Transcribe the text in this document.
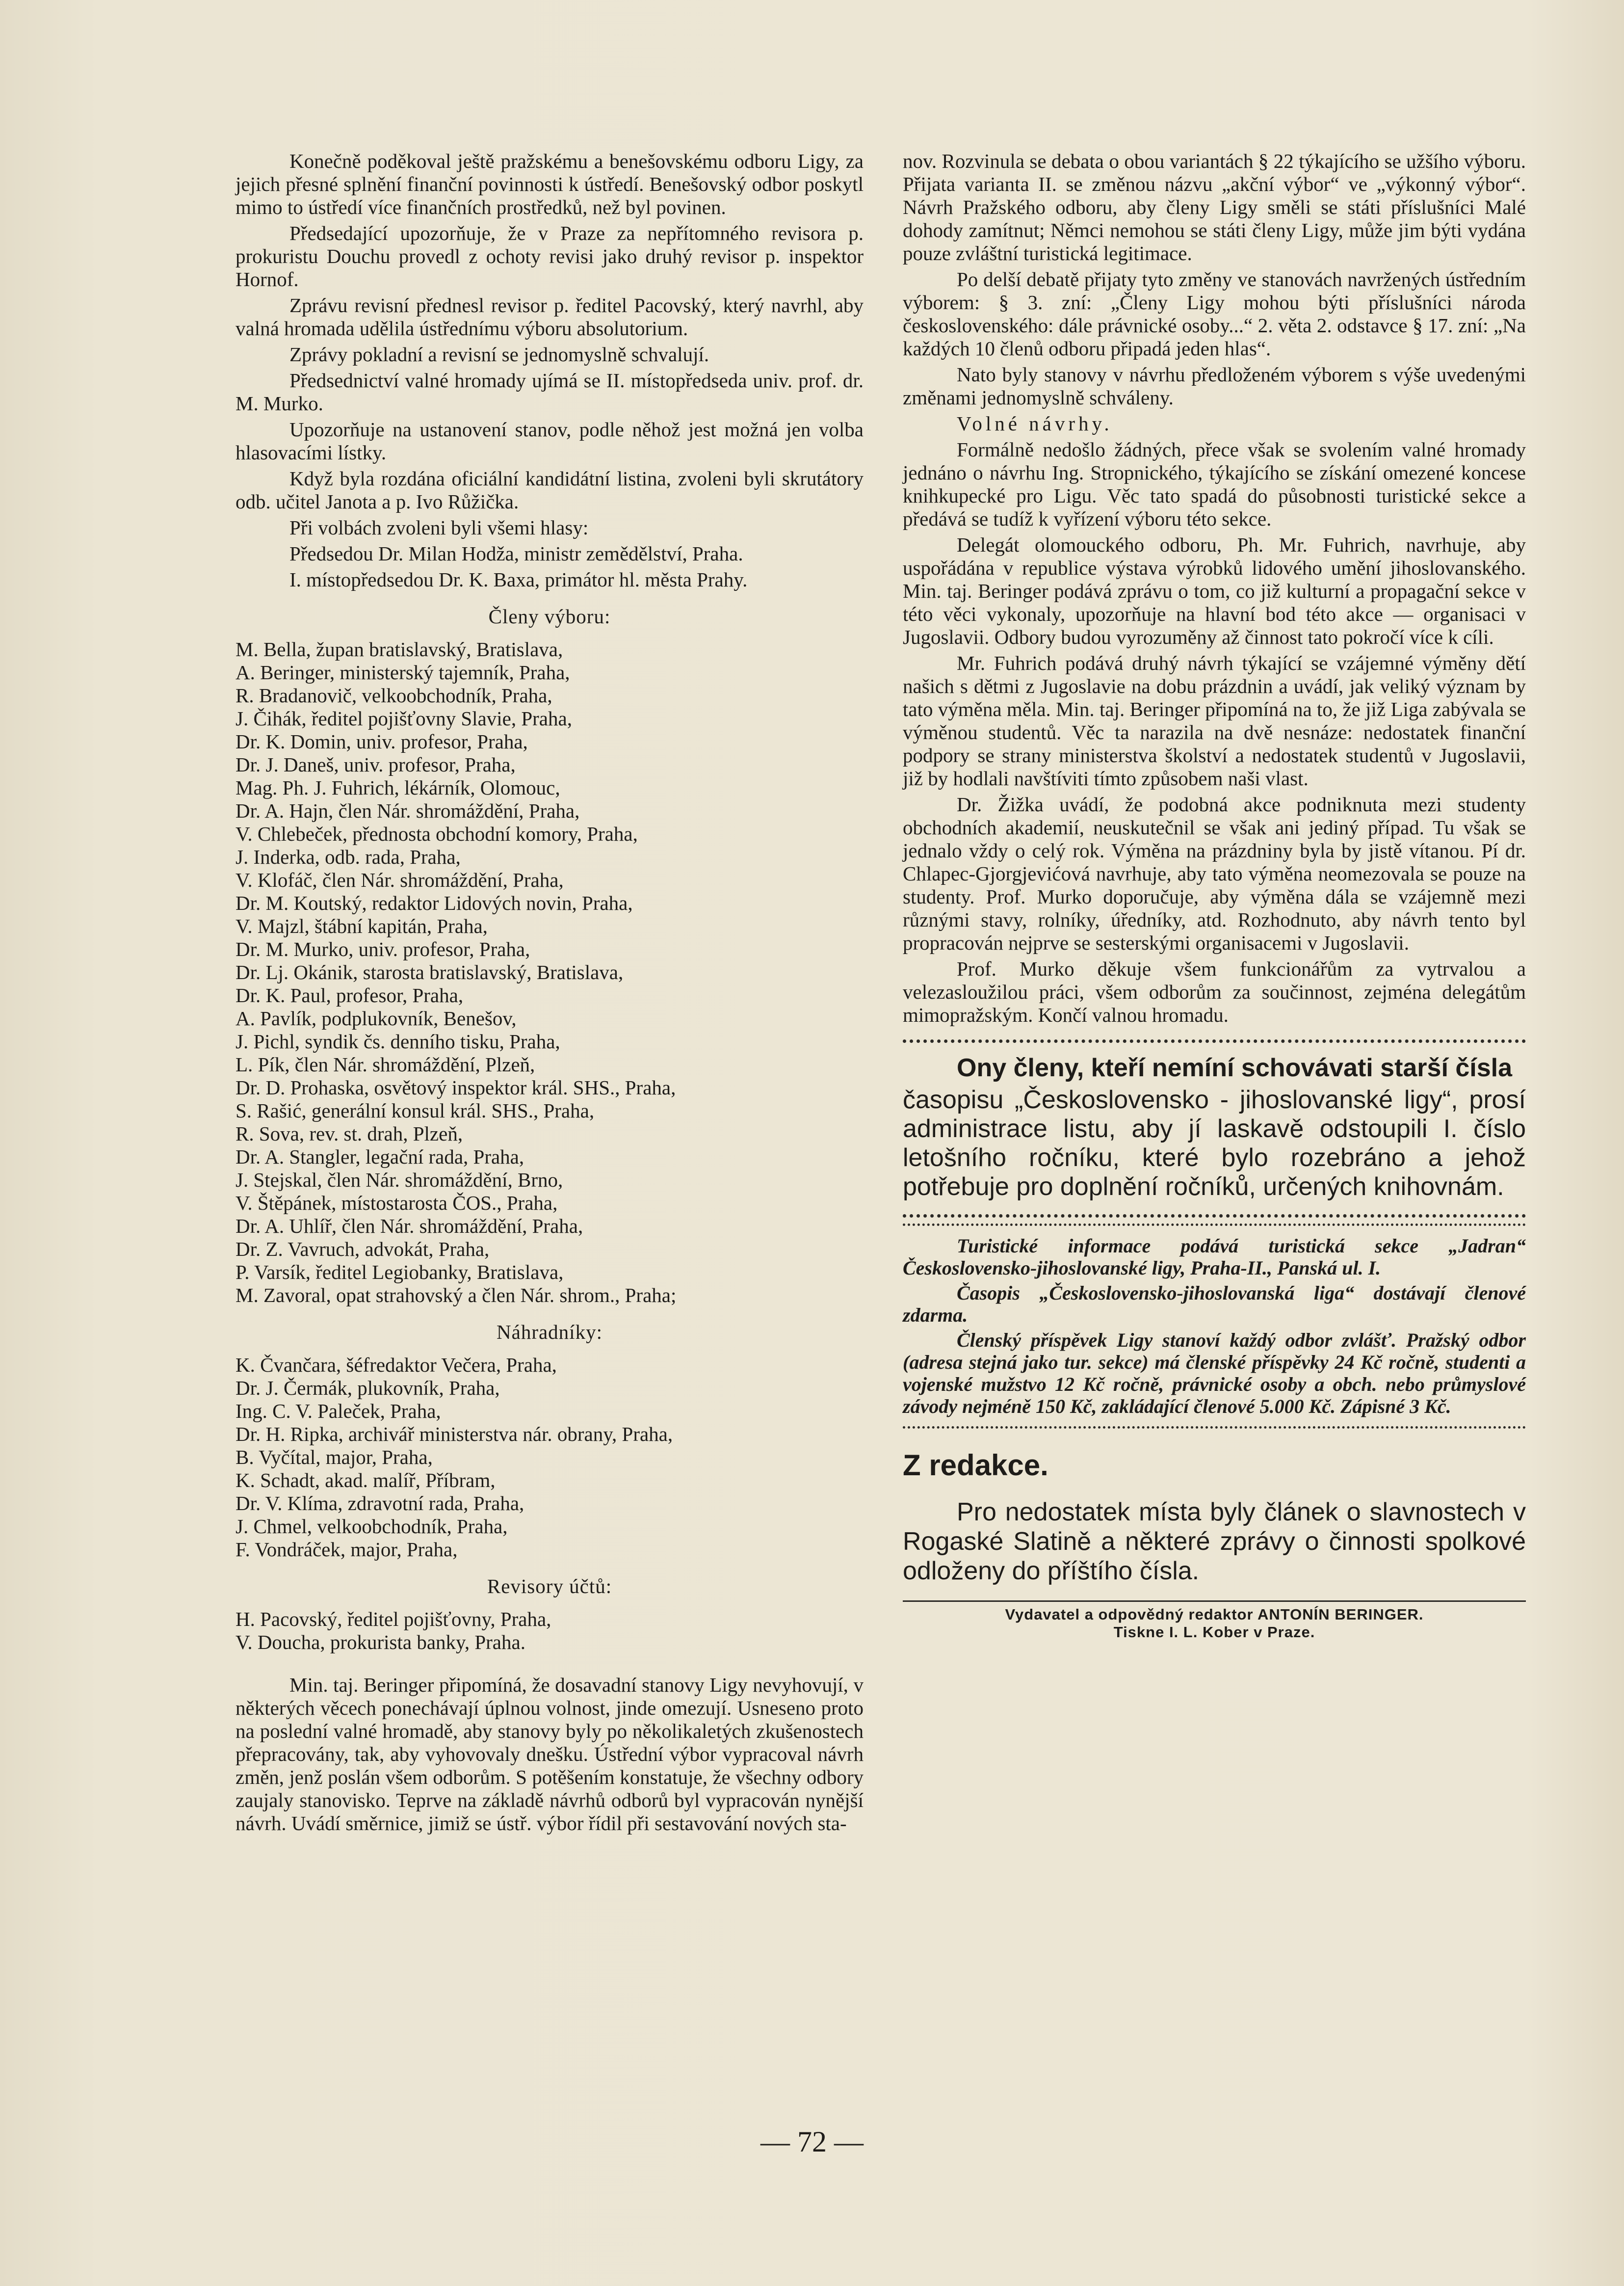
Konečně poděkoval ještě pražskému a benešovskému odboru Ligy, za jejich přesné splnění finanční povinnosti k ústředí. Benešovský odbor poskytl mimo to ústředí více finančních prostředků, než byl povinen.

Předsedající upozorňuje, že v Praze za nepřítomného revisora p. prokuristu Douchu provedl z ochoty revisi jako druhý revisor p. inspektor Hornof.

Zprávu revisní přednesl revisor p. ředitel Pacovský, který navrhl, aby valná hromada udělila ústřednímu výboru absolutorium.

Zprávy pokladní a revisní se jednomyslně schvalují.

Předsednictví valné hromady ujímá se II. místopředseda univ. prof. dr. M. Murko.

Upozorňuje na ustanovení stanov, podle něhož jest možná jen volba hlasovacími lístky.

Když byla rozdána oficiální kandidátní listina, zvoleni byli skrutátory odb. učitel Janota a p. Ivo Růžička.

Při volbách zvoleni byli všemi hlasy:

Předsedou Dr. Milan Hodža, ministr zemědělství, Praha.

I. místopředsedou Dr. K. Baxa, primátor hl. města Prahy.

Členy výboru:
M. Bella, župan bratislavský, Bratislava,
A. Beringer, ministerský tajemník, Praha,
R. Bradanovič, velkoobchodník, Praha,
J. Čihák, ředitel pojišťovny Slavie, Praha,
Dr. K. Domin, univ. profesor, Praha,
Dr. J. Daneš, univ. profesor, Praha,
Mag. Ph. J. Fuhrich, lékárník, Olomouc,
Dr. A. Hajn, člen Nár. shromáždění, Praha,
V. Chlebeček, přednosta obchodní komory, Praha,
J. Inderka, odb. rada, Praha,
V. Klofáč, člen Nár. shromáždění, Praha,
Dr. M. Koutský, redaktor Lidových novin, Praha,
V. Majzl, štábní kapitán, Praha,
Dr. M. Murko, univ. profesor, Praha,
Dr. Lj. Okánik, starosta bratislavský, Bratislava,
Dr. K. Paul, profesor, Praha,
A. Pavlík, podplukovník, Benešov,
J. Pichl, syndik čs. denního tisku, Praha,
L. Pík, člen Nár. shromáždění, Plzeň,
Dr. D. Prohaska, osvětový inspektor král. SHS., Praha,
S. Rašić, generální konsul král. SHS., Praha,
R. Sova, rev. st. drah, Plzeň,
Dr. A. Stangler, legační rada, Praha,
J. Stejskal, člen Nár. shromáždění, Brno,
V. Štěpánek, místostarosta ČOS., Praha,
Dr. A. Uhlíř, člen Nár. shromáždění, Praha,
Dr. Z. Vavruch, advokát, Praha,
P. Varsík, ředitel Legiobanky, Bratislava,
M. Zavoral, opat strahovský a člen Nár. shrom., Praha;
Náhradníky:
K. Čvančara, šéfredaktor Večera, Praha,
Dr. J. Čermák, plukovník, Praha,
Ing. C. V. Paleček, Praha,
Dr. H. Ripka, archivář ministerstva nár. obrany, Praha,
B. Vyčítal, major, Praha,
K. Schadt, akad. malíř, Příbram,
Dr. V. Klíma, zdravotní rada, Praha,
J. Chmel, velkoobchodník, Praha,
F. Vondráček, major, Praha,
Revisory účtů:
H. Pacovský, ředitel pojišťovny, Praha,
V. Doucha, prokurista banky, Praha.

Min. taj. Beringer připomíná, že dosavadní stanovy Ligy nevyhovují, v některých věcech ponechávají úplnou volnost, jinde omezují. Usneseno proto na poslední valné hromadě, aby stanovy byly po několikaletých zkušenostech přepracovány, tak, aby vyhovovaly dnešku. Ústřední výbor vypracoval návrh změn, jenž poslán všem odborům. S potěšením konstatuje, že všechny odbory zaujaly stanovisko. Teprve na základě návrhů odborů byl vypracován nynější návrh. Uvádí směrnice, jimiž se ústř. výbor řídil při sestavování nových sta-

nov. Rozvinula se debata o obou variantách § 22 týkajícího se užšího výboru. Přijata varianta II. se změnou názvu „akční výbor“ ve „výkonný výbor“. Návrh Pražského odboru, aby členy Ligy směli se státi příslušníci Malé dohody zamítnut; Němci nemohou se státi členy Ligy, může jim býti vydána pouze zvláštní turistická legitimace.

Po delší debatě přijaty tyto změny ve stanovách navržených ústředním výborem: § 3. zní: „Členy Ligy mohou býti příslušníci národa československého: dále právnické osoby...“ 2. věta 2. odstavce § 17. zní: „Na každých 10 členů odboru připadá jeden hlas“.

Nato byly stanovy v návrhu předloženém výborem s výše uvedenými změnami jednomyslně schváleny.

Volné návrhy.

Formálně nedošlo žádných, přece však se svolením valné hromady jednáno o návrhu Ing. Stropnického, týkajícího se získání omezené koncese knihkupecké pro Ligu. Věc tato spadá do působnosti turistické sekce a předává se tudíž k vyřízení výboru této sekce.

Delegát olomouckého odboru, Ph. Mr. Fuhrich, navrhuje, aby uspořádána v republice výstava výrobků lidového umění jihoslovanského. Min. taj. Beringer podává zprávu o tom, co již kulturní a propagační sekce v této věci vykonaly, upozorňuje na hlavní bod této akce — organisaci v Jugoslavii. Odbory budou vyrozuměny až činnost tato pokročí více k cíli.

Mr. Fuhrich podává druhý návrh týkající se vzájemné výměny dětí našich s dětmi z Jugoslavie na dobu prázdnin a uvádí, jak veliký význam by tato výměna měla. Min. taj. Beringer připomíná na to, že již Liga zabývala se výměnou studentů. Věc ta narazila na dvě nesnáze: nedostatek finanční podpory se strany ministerstva školství a nedostatek studentů v Jugoslavii, již by hodlali navštíviti tímto způsobem naši vlast.

Dr. Žižka uvádí, že podobná akce podniknuta mezi studenty obchodních akademií, neuskutečnil se však ani jediný případ. Tu však se jednalo vždy o celý rok. Výměna na prázdniny byla by jistě vítanou. Pí dr. Chlapec-Gjorgjevićová navrhuje, aby tato výměna neomezovala se pouze na studenty. Prof. Murko doporučuje, aby výměna dála se vzájemně mezi různými stavy, rolníky, úředníky, atd. Rozhodnuto, aby návrh tento byl propracován nejprve se sesterskými organisacemi v Jugoslavii.

Prof. Murko děkuje všem funkcionářům za vytrvalou a velezasloužilou práci, všem odborům za součinnost, zejména delegátům mimopražským. Končí valnou hromadu.

Ony členy, kteří nemíní schovávati starší čísla

časopisu „Československo - jihoslovanské ligy“, prosí administrace listu, aby jí laskavě odstoupili I. číslo letošního ročníku, které bylo rozebráno a jehož potřebuje pro doplnění ročníků, určených knihovnám.

Turistické informace podává turistická sekce „Jadran“ Československo-jihoslovanské ligy, Praha-II., Panská ul. I.

Časopis „Československo-jihoslovanská liga“ dostávají členové zdarma.

Členský příspěvek Ligy stanoví každý odbor zvlášť. Pražský odbor (adresa stejná jako tur. sekce) má členské příspěvky 24 Kč ročně, studenti a vojenské mužstvo 12 Kč ročně, právnické osoby a obch. nebo průmyslové závody nejméně 150 Kč, zakládající členové 5.000 Kč. Zápisné 3 Kč.

Z redakce.

Pro nedostatek místa byly článek o slavnostech v Rogaské Slatině a některé zprávy o činnosti spolkové odloženy do příštího čísla.

Vydavatel a odpovědný redaktor ANTONÍN BERINGER.
Tiskne I. L. Kober v Praze.
— 72 —
